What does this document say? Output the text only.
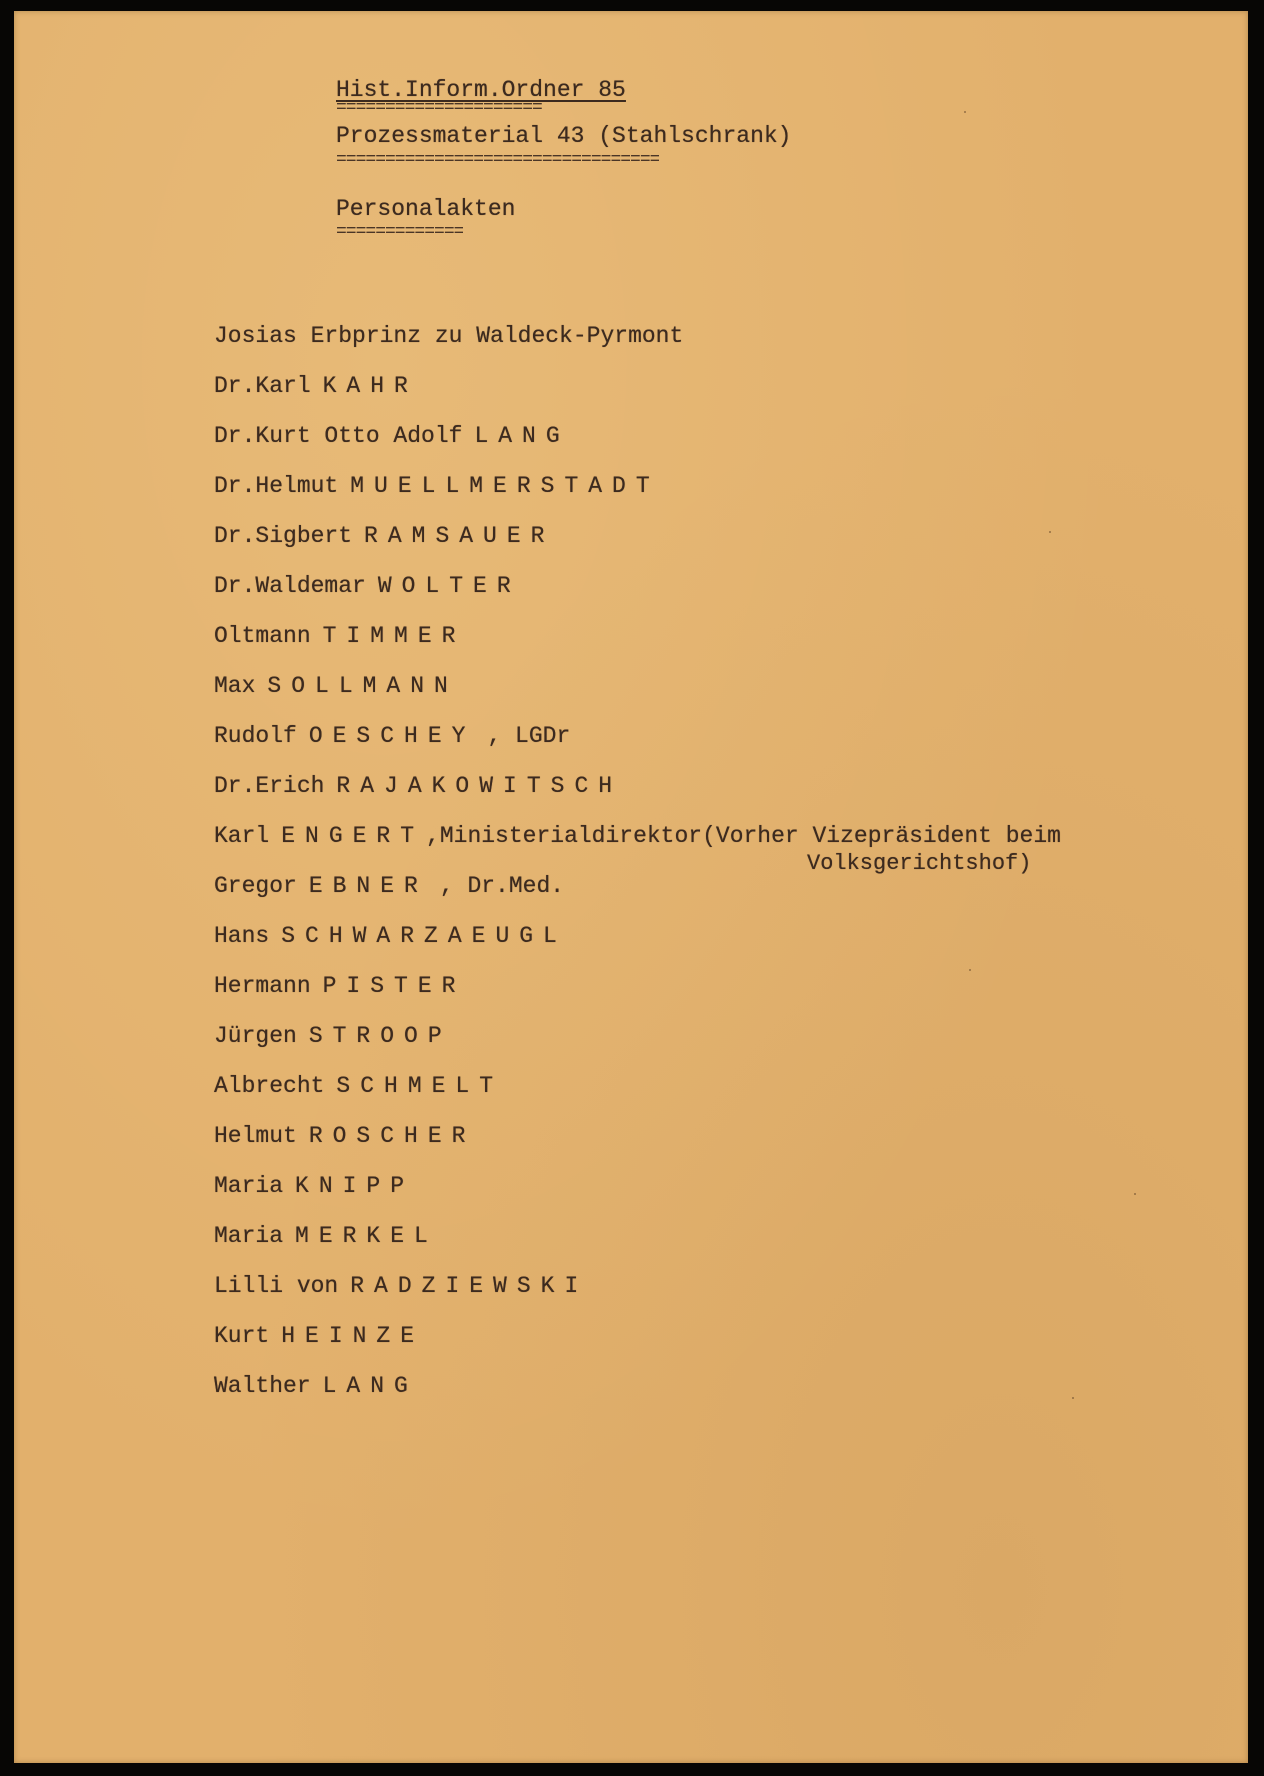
Hist.Inform.Ordner 85
=====================
Prozessmaterial 43 (Stahlschrank)
=================================
Personalakten
=============
Josias Erbprinz zu Waldeck-Pyrmont
Dr.Karl KAHR
Dr.Kurt Otto Adolf LANG
Dr.Helmut MUELLMERSTADT
Dr.Sigbert RAMSAUER
Dr.Waldemar WOLTER
Oltmann TIMMER
Max SOLLMANN
Rudolf OESCHEY , LGDr
Dr.Erich RAJAKOWITSCH
Karl ENGERT ,Ministerialdirektor(Vorher Vizepräsident beim
Volksgerichtshof)
Gregor EBNER , Dr.Med.
Hans SCHWARZAEUGL
Hermann PISTER
Jürgen STROOP
Albrecht SCHMELT
Helmut ROSCHER
Maria KNIPP
Maria MERKEL
Lilli von RADZIEWSKI
Kurt HEINZE
Walther LANG
